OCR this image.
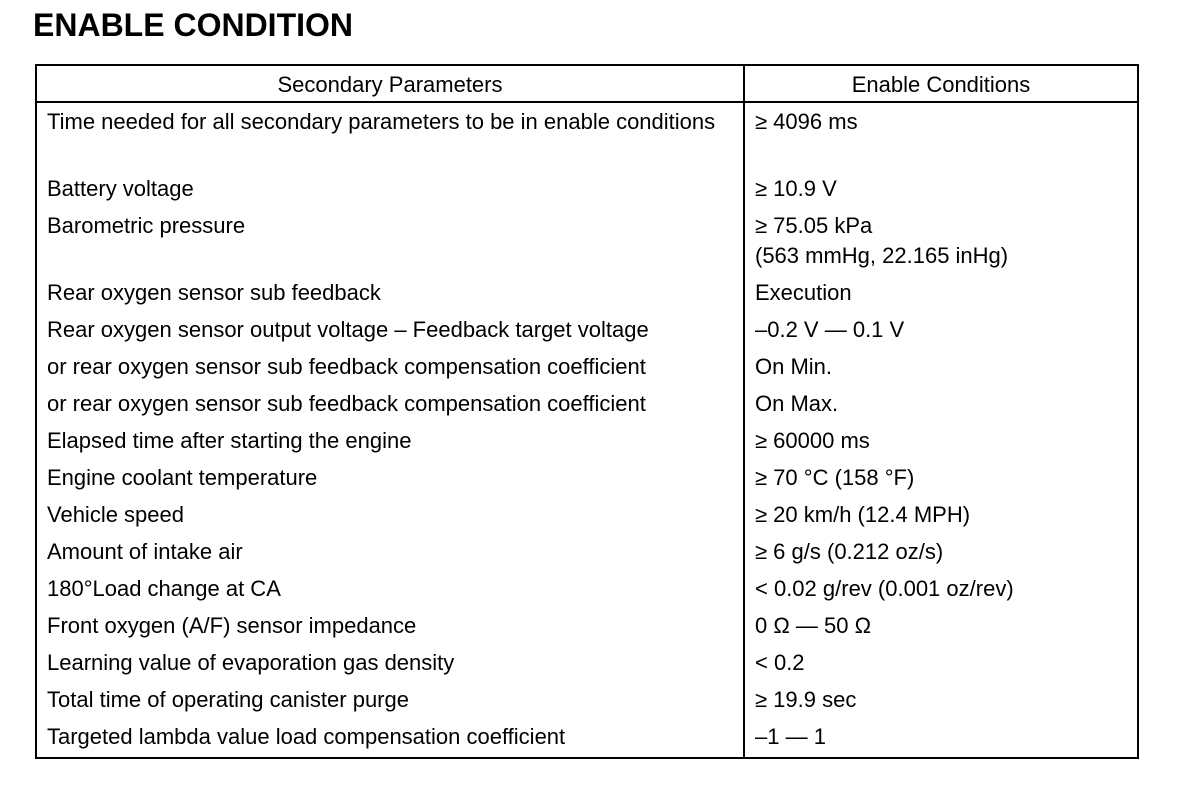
ENABLE CONDITION
Secondary Parameters	Enable Conditions
Time needed for all secondary parameters to be in enable conditions	≥ 4096 ms
Battery voltage	≥ 10.9 V
Barometric pressure	≥ 75.05 kPa
(563 mmHg, 22.165 inHg)

Rear oxygen sensor sub feedback	Execution
Rear oxygen sensor output voltage – Feedback target voltage	–0.2 V — 0.1 V
or rear oxygen sensor sub feedback compensation coefficient	On Min.
or rear oxygen sensor sub feedback compensation coefficient	On Max.
Elapsed time after starting the engine	≥ 60000 ms
Engine coolant temperature	≥ 70 °C (158 °F)
Vehicle speed	≥ 20 km/h (12.4 MPH)
Amount of intake air	≥ 6 g/s (0.212 oz/s)
180°Load change at CA	< 0.02 g/rev (0.001 oz/rev)
Front oxygen (A/F) sensor impedance	0 Ω — 50 Ω
Learning value of evaporation gas density	< 0.2
Total time of operating canister purge	≥ 19.9 sec
Targeted lambda value load compensation coefficient	–1 — 1
